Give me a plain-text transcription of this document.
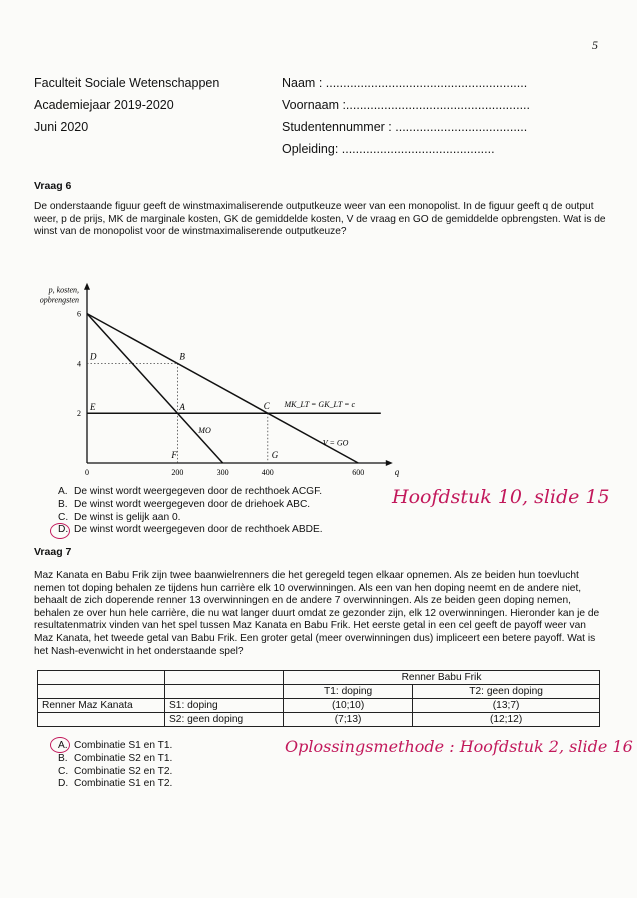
5
Faculteit Sociale Wetenschappen
Academiejaar 2019-2020
Juni 2020
Naam : ..........................................................
Voornaam :.....................................................
Studentennummer : ......................................
Opleiding: ............................................
Vraag 6
De onderstaande figuur geeft de winstmaximaliserende outputkeuze weer van een monopolist. In de figuur geeft q de output weer, p de prijs, MK de marginale kosten, GK de gemiddelde kosten, V de vraag en GO de gemiddelde opbrengsten. Wat is de winst van de monopolist voor de winstmaximaliserende outputkeuze?
p, kosten,
opbrengsten
q
0	200	300	400	600
2
4
6
MK_LT = GK_LT = c
V = GO
MO
D	B
E	A	C
F	G
A. De winst wordt weergegeven door de rechthoek ACGF.
B. De winst wordt weergegeven door de driehoek ABC.
C. De winst is gelijk aan 0.
D. De winst wordt weergegeven door de rechthoek ABDE.
Hoofdstuk 10, slide 15
Vraag 7
Maz Kanata en Babu Frik zijn twee baanwielrenners die het geregeld tegen elkaar opnemen. Als ze beiden hun toevlucht nemen tot doping behalen ze tijdens hun carrière elk 10 overwinningen. Als een van hen doping neemt en de andere niet, behaalt de zich doperende renner 13 overwinningen en de andere 7 overwinningen. Als ze beiden geen doping nemen, behalen ze over hun hele carrière, die nu wat langer duurt omdat ze gezonder zijn, elk 12 overwinningen. Hieronder kan je de resultatenmatrix vinden van het spel tussen Maz Kanata en Babu Frik. Het eerste getal in een cel geeft de payoff weer van Maz Kanata, het tweede getal van Babu Frik. Een groter getal (meer overwinningen dus) impliceert een betere payoff. Wat is het Nash-evenwicht in het onderstaande spel?
		Renner Babu Frik	
		T1: doping	T2: geen doping
Renner Maz Kanata	S1: doping	(10;10)	(13;7)
	S2: geen doping	(7;13)	(12;12)
A. Combinatie S1 en T1.
B. Combinatie S2 en T1.
C. Combinatie S2 en T2.
D. Combinatie S1 en T2.
Oplossingsmethode : Hoofdstuk 2, slide 16
